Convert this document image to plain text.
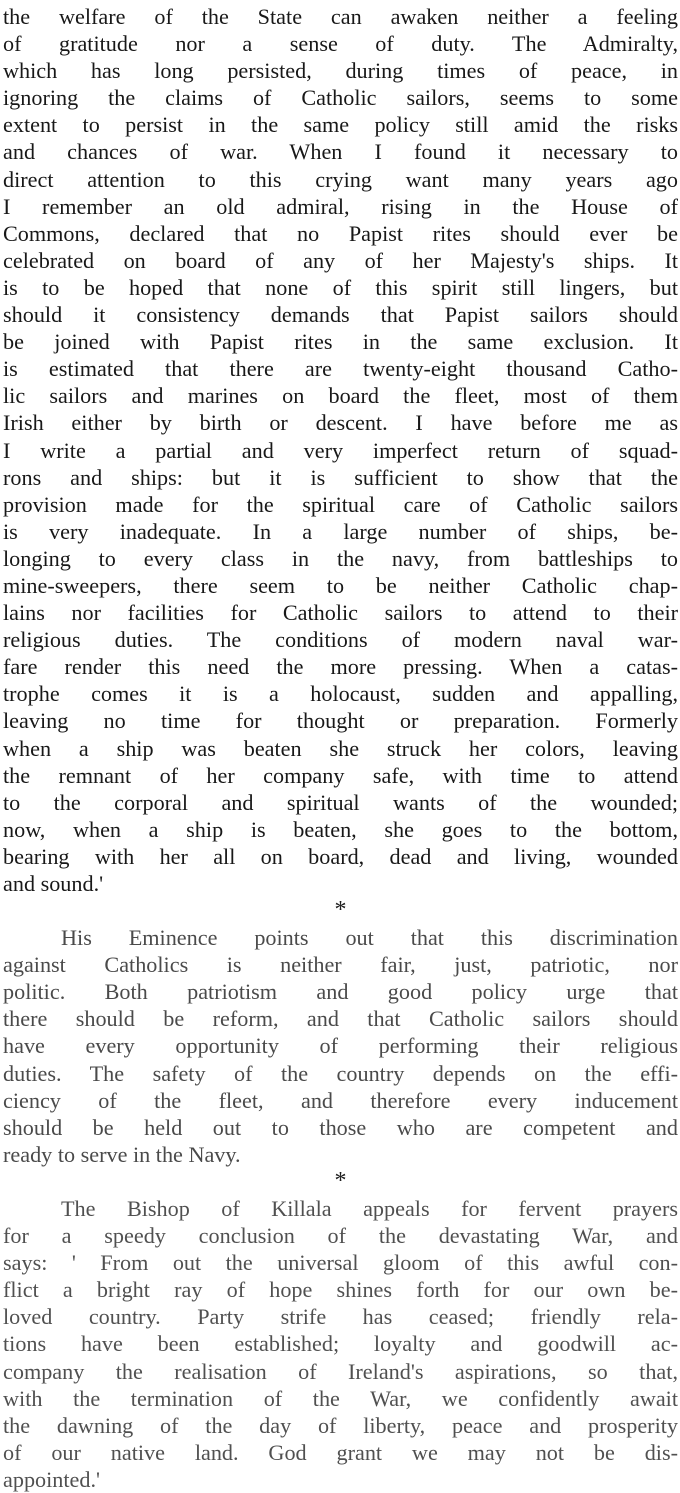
the welfare of the State can awaken neither a feeling
of gratitude nor a sense of duty. The Admiralty,
which has long persisted, during times of peace, in
ignoring the claims of Catholic sailors, seems to some
extent to persist in the same policy still amid the risks
and chances of war. When I found it necessary to
direct attention to this crying want many years ago
I remember an old admiral, rising in the House of
Commons, declared that no Papist rites should ever be
celebrated on board of any of her Majesty's ships. It
is to be hoped that none of this spirit still lingers, but
should it consistency demands that Papist sailors should
be joined with Papist rites in the same exclusion. It
is estimated that there are twenty-eight thousand Catho-
lic sailors and marines on board the fleet, most of them
Irish either by birth or descent. I have before me as
I write a partial and very imperfect return of squad-
rons and ships: but it is sufficient to show that the
provision made for the spiritual care of Catholic sailors
is very inadequate. In a large number of ships, be-
longing to every class in the navy, from battleships to
mine-sweepers, there seem to be neither Catholic chap-
lains nor facilities for Catholic sailors to attend to their
religious duties. The conditions of modern naval war-
fare render this need the more pressing. When a catas-
trophe comes it is a holocaust, sudden and appalling,
leaving no time for thought or preparation. Formerly
when a ship was beaten she struck her colors, leaving
the remnant of her company safe, with time to attend
to the corporal and spiritual wants of the wounded;
now, when a ship is beaten, she goes to the bottom,
bearing with her all on board, dead and living, wounded
and sound.'
*
His Eminence points out that this discrimination
against Catholics is neither fair, just, patriotic, nor
politic. Both patriotism and good policy urge that
there should be reform, and that Catholic sailors should
have every opportunity of performing their religious
duties. The safety of the country depends on the effi-
ciency of the fleet, and therefore every inducement
should be held out to those who are competent and
ready to serve in the Navy.
*
The Bishop of Killala appeals for fervent prayers
for a speedy conclusion of the devastating War, and
says: ' From out the universal gloom of this awful con-
flict a bright ray of hope shines forth for our own be-
loved country. Party strife has ceased; friendly rela-
tions have been established; loyalty and goodwill ac-
company the realisation of Ireland's aspirations, so that,
with the termination of the War, we confidently await
the dawning of the day of liberty, peace and prosperity
of our native land. God grant we may not be dis-
appointed.'
